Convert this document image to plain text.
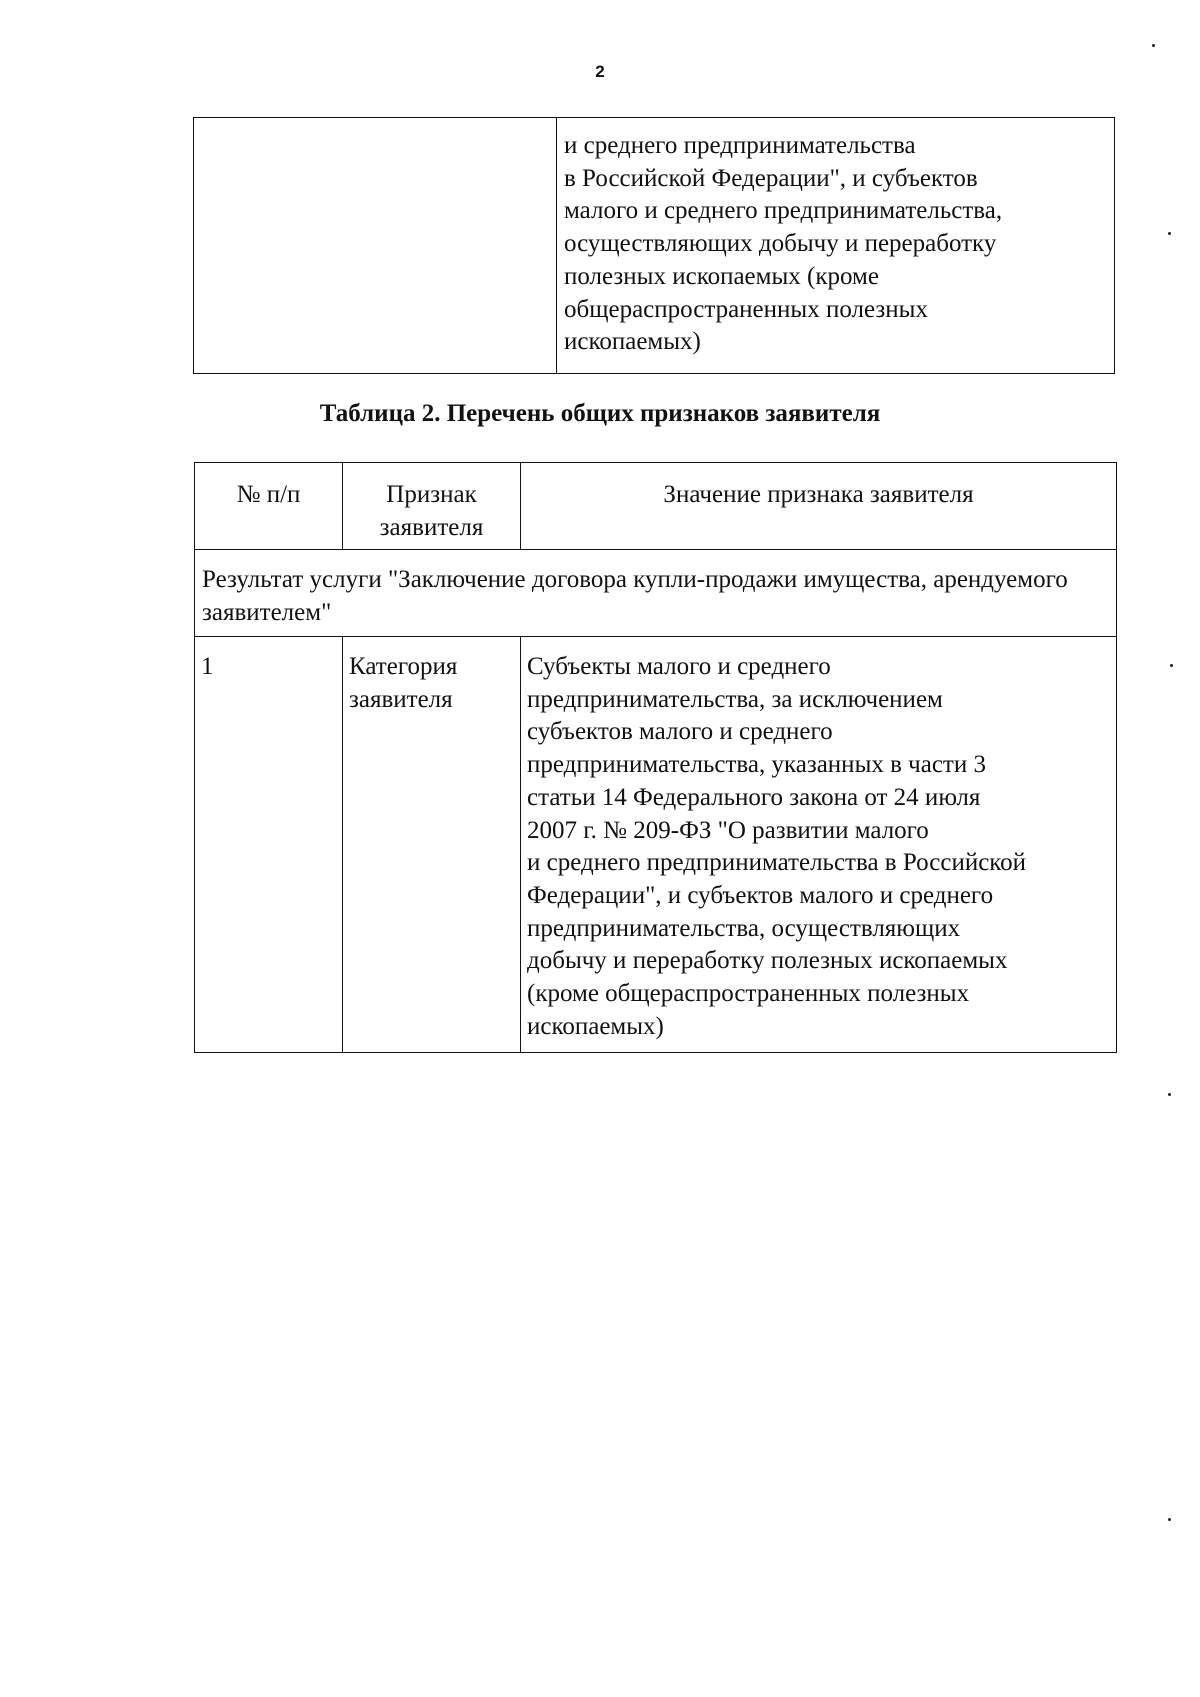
2
и среднего предпринимательства
в Российской Федерации", и субъектов
малого и среднего предпринимательства,
осуществляющих добычу и переработку
полезных ископаемых (кроме
общераспространенных полезных
ископаемых)
Таблица 2. Перечень общих признаков заявителя
№ п/п	Признак заявителя
Значение признака заявителя
Результат услуги "Заключение договора купли-продажи имущества, арендуемого заявителем"
1	Категория заявителя
Субъекты малого и среднего
предпринимательства, за исключением
субъектов малого и среднего
предпринимательства, указанных в части 3
статьи 14 Федерального закона от 24 июля
2007 г. № 209-ФЗ "О развитии малого
и среднего предпринимательства в Российской
Федерации", и субъектов малого и среднего
предпринимательства, осуществляющих
добычу и переработку полезных ископаемых
(кроме общераспространенных полезных
ископаемых)
